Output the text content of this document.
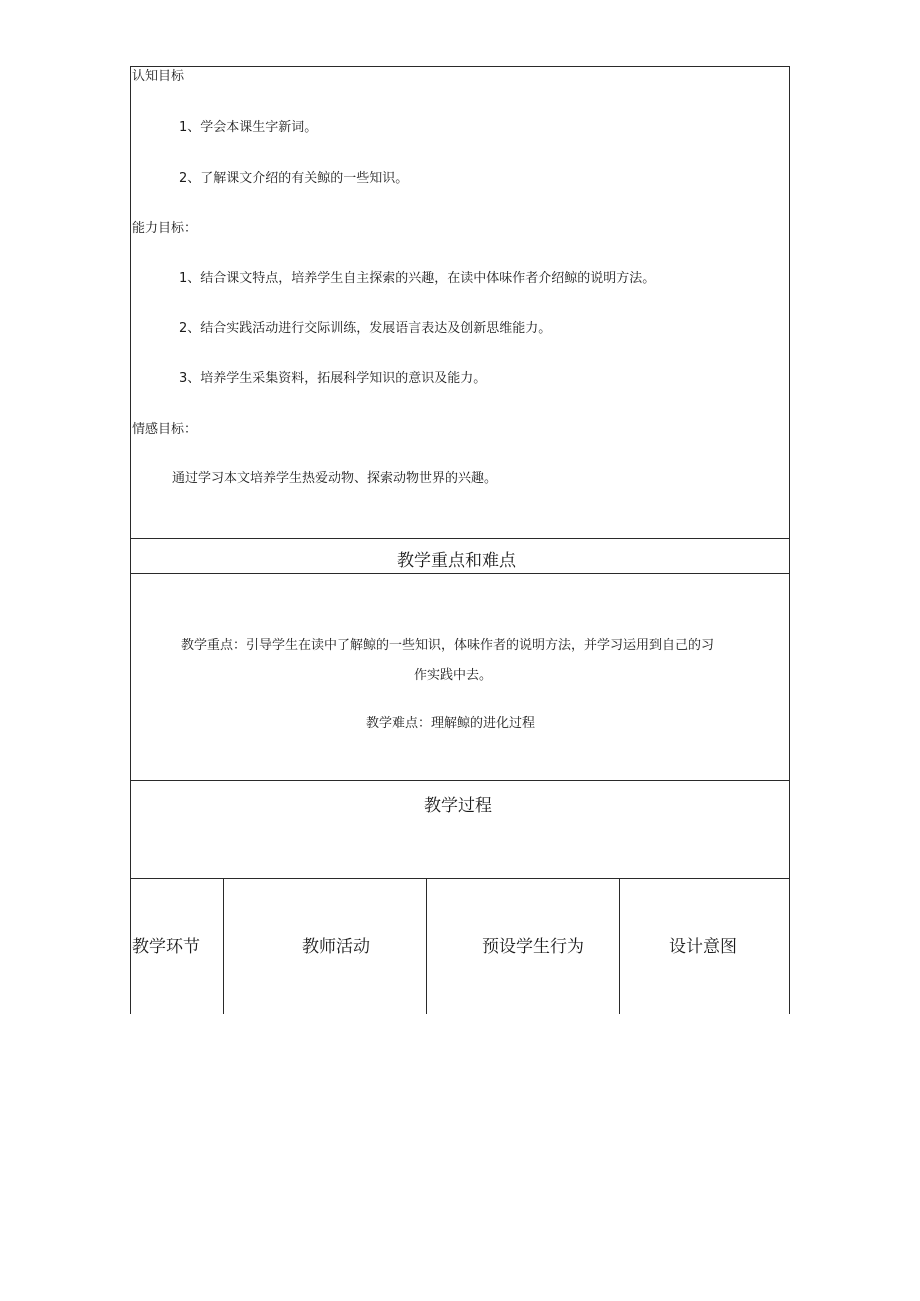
认知目标
1、学会本课生字新词。
2、了解课文介绍的有关鲸的一些知识。
能力目标：
1、结合课文特点，培养学生自主探索的兴趣，在读中体味作者介绍鲸的说明方法。
2、结合实践活动进行交际训练，发展语言表达及创新思维能力。
3、培养学生采集资料，拓展科学知识的意识及能力。
情感目标：
通过学习本文培养学生热爱动物、探索动物世界的兴趣。
教学重点和难点
教学重点：引导学生在读中了解鲸的一些知识，体味作者的说明方法，并学习运用到自己的习
作实践中去。
教学难点：理解鲸的进化过程
教学过程
教学环节	教师活动	预设学生行为	设计意图
